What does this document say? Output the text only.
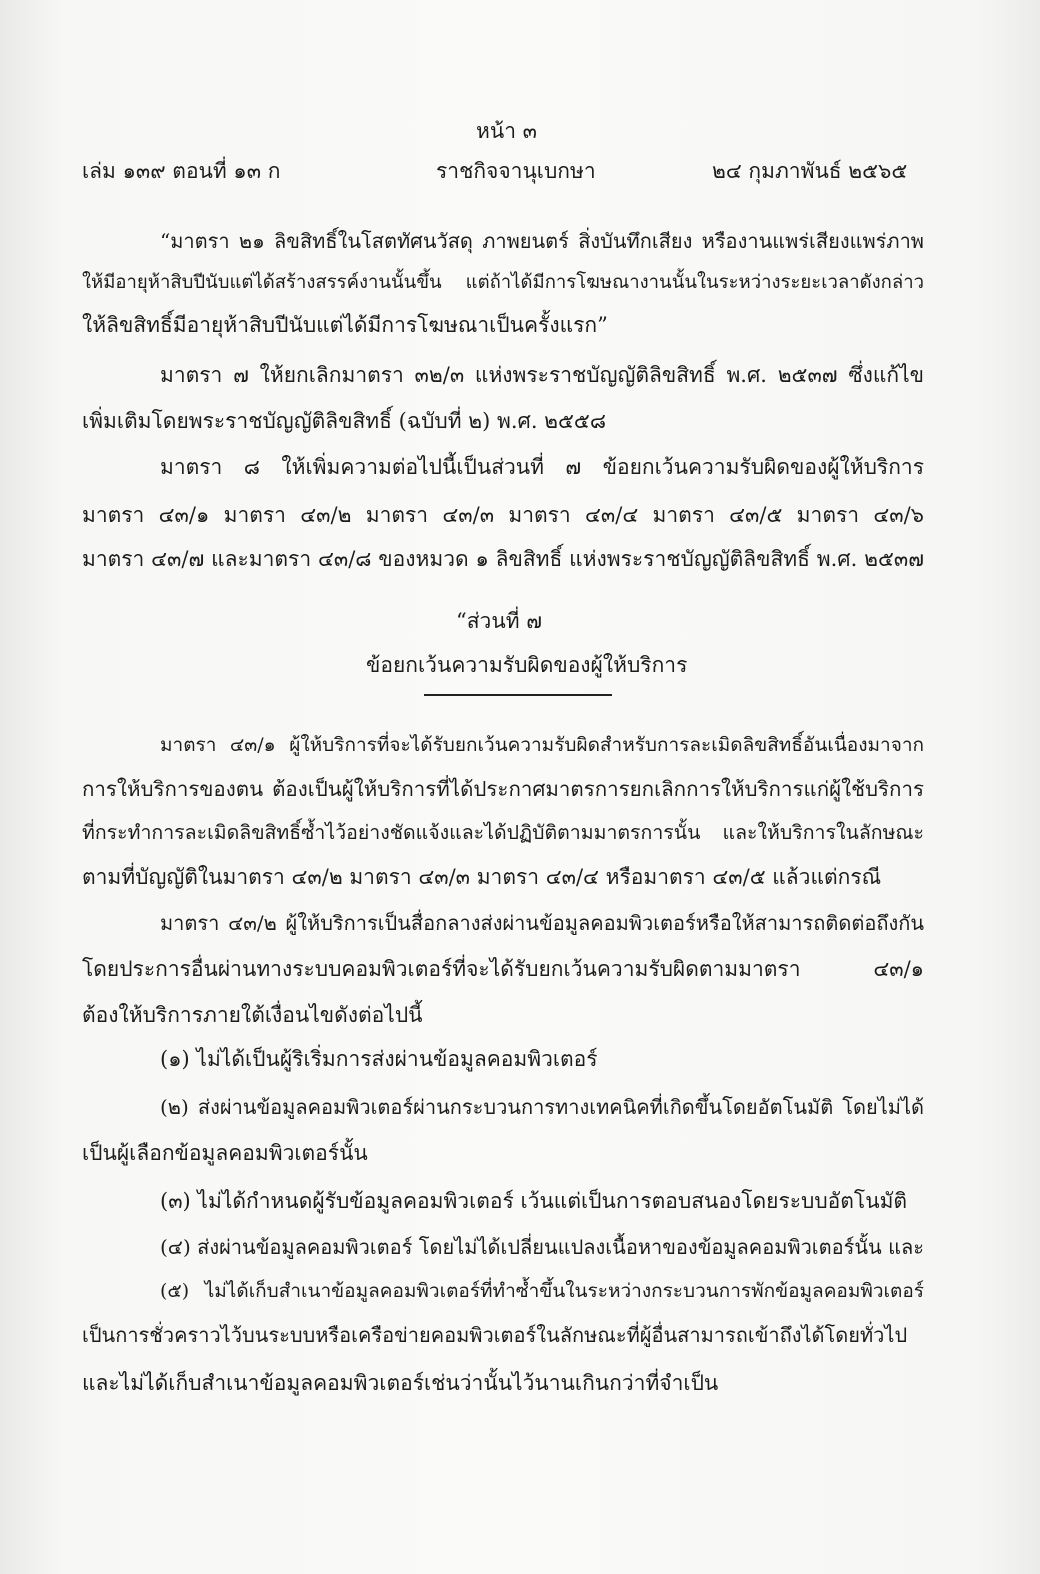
หน้า ๓
เล่ม ๑๓๙ ตอนที่ ๑๓ ก	ราชกิจจานุเบกษา	๒๔ กุมภาพันธ์ ๒๕๖๕
“มาตรา ๒๑ ลิขสิทธิ์ในโสตทัศนวัสดุ ภาพยนตร์ สิ่งบันทึกเสียง หรืองานแพร่เสียงแพร่ภาพ
ให้มีอายุห้าสิบปีนับแต่ได้สร้างสรรค์งานนั้นขึ้น แต่ถ้าได้มีการโฆษณางานนั้นในระหว่างระยะเวลาดังกล่าว
ให้ลิขสิทธิ์มีอายุห้าสิบปีนับแต่ได้มีการโฆษณาเป็นครั้งแรก”
มาตรา ๗ ให้ยกเลิกมาตรา ๓๒/๓ แห่งพระราชบัญญัติลิขสิทธิ์ พ.ศ. ๒๕๓๗ ซึ่งแก้ไข
เพิ่มเติมโดยพระราชบัญญัติลิขสิทธิ์ (ฉบับที่ ๒) พ.ศ. ๒๕๕๘
มาตรา ๘ ให้เพิ่มความต่อไปนี้เป็นส่วนที่ ๗ ข้อยกเว้นความรับผิดของผู้ให้บริการ
มาตรา ๔๓/๑ มาตรา ๔๓/๒ มาตรา ๔๓/๓ มาตรา ๔๓/๔ มาตรา ๔๓/๕ มาตรา ๔๓/๖
มาตรา ๔๓/๗ และมาตรา ๔๓/๘ ของหมวด ๑ ลิขสิทธิ์ แห่งพระราชบัญญัติลิขสิทธิ์ พ.ศ. ๒๕๓๗
“ส่วนที่ ๗
ข้อยกเว้นความรับผิดของผู้ให้บริการ
มาตรา ๔๓/๑ ผู้ให้บริการที่จะได้รับยกเว้นความรับผิดสำหรับการละเมิดลิขสิทธิ์อันเนื่องมาจาก
การให้บริการของตน ต้องเป็นผู้ให้บริการที่ได้ประกาศมาตรการยกเลิกการให้บริการแก่ผู้ใช้บริการ
ที่กระทำการละเมิดลิขสิทธิ์ซ้ำไว้อย่างชัดแจ้งและได้ปฏิบัติตามมาตรการนั้น และให้บริการในลักษณะ
ตามที่บัญญัติในมาตรา ๔๓/๒ มาตรา ๔๓/๓ มาตรา ๔๓/๔ หรือมาตรา ๔๓/๕ แล้วแต่กรณี
มาตรา ๔๓/๒ ผู้ให้บริการเป็นสื่อกลางส่งผ่านข้อมูลคอมพิวเตอร์หรือให้สามารถติดต่อถึงกัน
โดยประการอื่นผ่านทางระบบคอมพิวเตอร์ที่จะได้รับยกเว้นความรับผิดตามมาตรา ๔๓/๑
ต้องให้บริการภายใต้เงื่อนไขดังต่อไปนี้
(๑) ไม่ได้เป็นผู้ริเริ่มการส่งผ่านข้อมูลคอมพิวเตอร์
(๒) ส่งผ่านข้อมูลคอมพิวเตอร์ผ่านกระบวนการทางเทคนิคที่เกิดขึ้นโดยอัตโนมัติ โดยไม่ได้
เป็นผู้เลือกข้อมูลคอมพิวเตอร์นั้น
(๓) ไม่ได้กำหนดผู้รับข้อมูลคอมพิวเตอร์ เว้นแต่เป็นการตอบสนองโดยระบบอัตโนมัติ
(๔) ส่งผ่านข้อมูลคอมพิวเตอร์ โดยไม่ได้เปลี่ยนแปลงเนื้อหาของข้อมูลคอมพิวเตอร์นั้น และ
(๕) ไม่ได้เก็บสำเนาข้อมูลคอมพิวเตอร์ที่ทำซ้ำขึ้นในระหว่างกระบวนการพักข้อมูลคอมพิวเตอร์
เป็นการชั่วคราวไว้บนระบบหรือเครือข่ายคอมพิวเตอร์ในลักษณะที่ผู้อื่นสามารถเข้าถึงได้โดยทั่วไป
และไม่ได้เก็บสำเนาข้อมูลคอมพิวเตอร์เช่นว่านั้นไว้นานเกินกว่าที่จำเป็น
